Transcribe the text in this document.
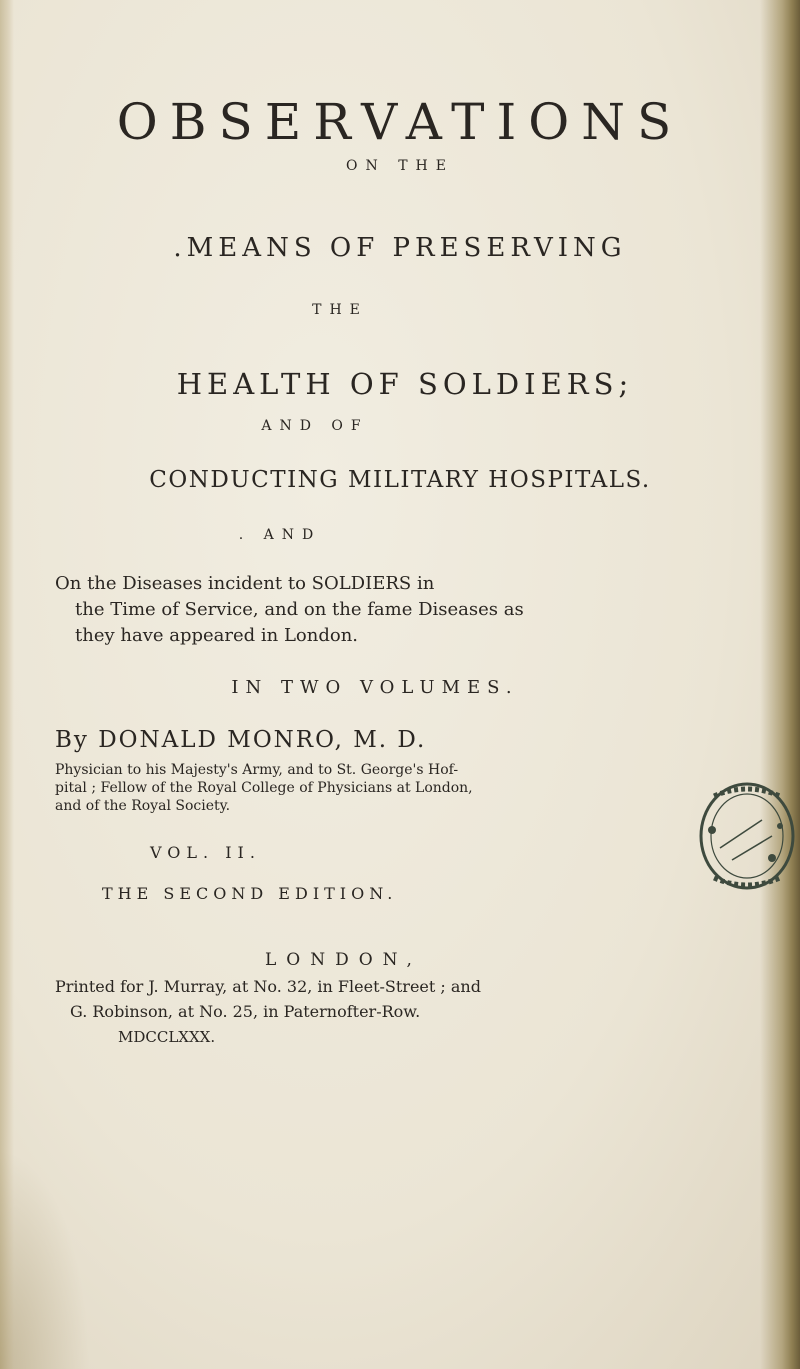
OBSERVATIONS
ON THE
.MEANS OF PRESERVING
THE
HEALTH OF SOLDIERS;
AND OF
CONDUCTING MILITARY HOSPITALS.
. AND
On the Diseases incident to SOLDIERS in
the Time of Service, and on the fame Diseases as
they have appeared in London.
IN TWO VOLUMES.
By DONALD MONRO, M. D.
Physician to his Majesty's Army, and to St. George's Hof-
pital ; Fellow of the Royal College of Physicians at London,
and of the Royal Society.
VOL. II.
THE SECOND EDITION.
LONDON,
Printed for J. Murray, at No. 32, in Fleet-Street ; and
G. Robinson, at No. 25, in Paternofter-Row.
MDCCLXXX.
